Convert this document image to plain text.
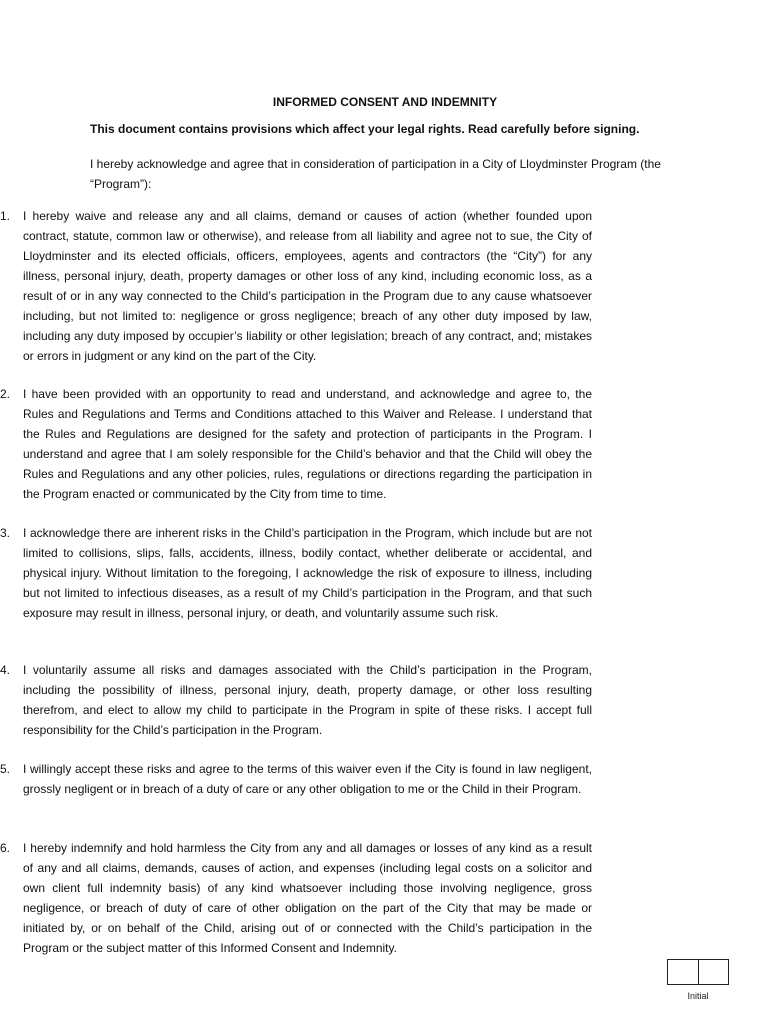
INFORMED CONSENT AND INDEMNITY
This document contains provisions which affect your legal rights. Read carefully before signing.
I hereby acknowledge and agree that in consideration of participation in a City of Lloydminster Program (the “Program”):
1.	I hereby waive and release any and all claims, demand or causes of action (whether founded upon contract, statute, common law or otherwise), and release from all liability and agree not to sue, the City of Lloydminster and its elected officials, officers, employees, agents and contractors (the “City”) for any illness, personal injury, death, property damages or other loss of any kind, including economic loss, as a result of or in any way connected to the Child’s participation in the Program due to any cause whatsoever including, but not limited to: negligence or gross negligence; breach of any other duty imposed by law, including any duty imposed by occupier’s liability or other legislation; breach of any contract, and; mistakes or errors in judgment or any kind on the part of the City.
2.	I have been provided with an opportunity to read and understand, and acknowledge and agree to, the Rules and Regulations and Terms and Conditions attached to this Waiver and Release. I understand that the Rules and Regulations are designed for the safety and protection of participants in the Program. I understand and agree that I am solely responsible for the Child’s behavior and that the Child will obey the Rules and Regulations and any other policies, rules, regulations or directions regarding the participation in the Program enacted or communicated by the City from time to time.
3.	I acknowledge there are inherent risks in the Child’s participation in the Program, which include but are not limited to collisions, slips, falls, accidents, illness, bodily contact, whether deliberate or accidental, and physical injury. Without limitation to the foregoing, I acknowledge the risk of exposure to illness, including but not limited to infectious diseases, as a result of my Child’s participation in the Program, and that such exposure may result in illness, personal injury, or death, and voluntarily assume such risk.
4.	I voluntarily assume all risks and damages associated with the Child’s participation in the Program, including the possibility of illness, personal injury, death, property damage, or other loss resulting therefrom, and elect to allow my child to participate in the Program in spite of these risks. I accept full responsibility for the Child’s participation in the Program.
5.	I willingly accept these risks and agree to the terms of this waiver even if the City is found in law negligent, grossly negligent or in breach of a duty of care or any other obligation to me or the Child in their Program.
6.	I hereby indemnify and hold harmless the City from any and all damages or losses of any kind as a result of any and all claims, demands, causes of action, and expenses (including legal costs on a solicitor and own client full indemnity basis) of any kind whatsoever including those involving negligence, gross negligence, or breach of duty of care of other obligation on the part of the City that may be made or initiated by, or on behalf of the Child, arising out of or connected with the Child’s participation in the Program or the subject matter of this Informed Consent and Indemnity.
Initial
